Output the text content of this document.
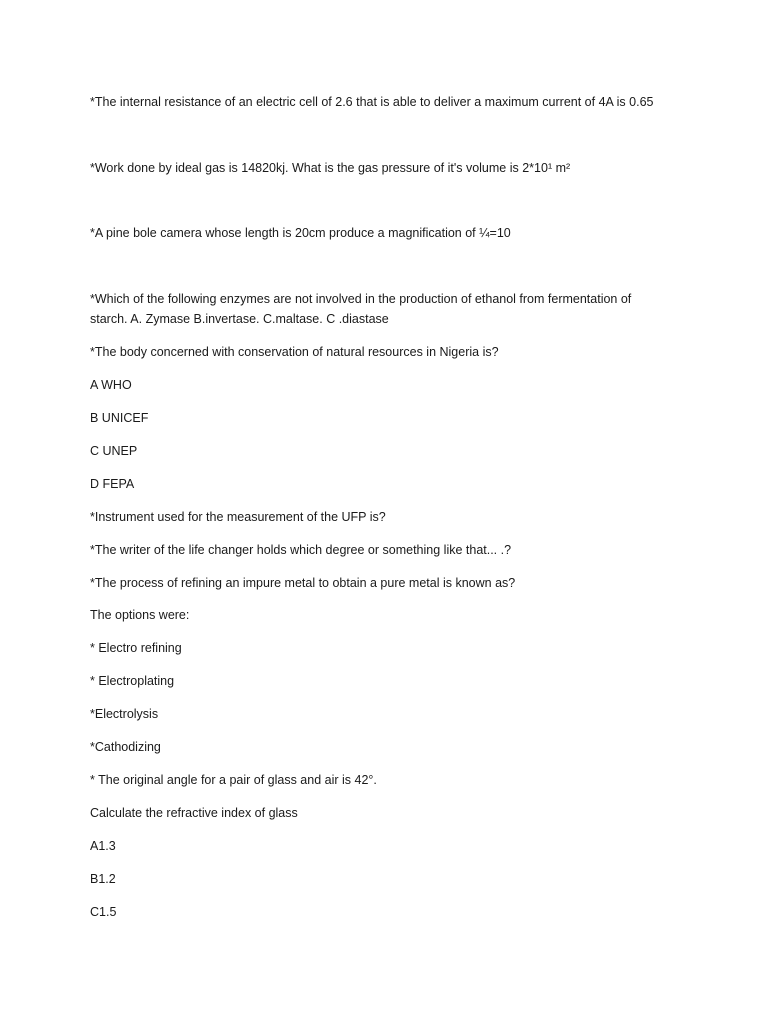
*The internal resistance of an electric cell of 2.6 that is able to deliver a maximum current of 4A is 0.65

*Work done by ideal gas is 14820kj. What is the gas pressure of it's volume is 2*10¹ m²

*A pine bole camera whose length is 20cm produce a magnification of ¼=10

*Which of the following enzymes are not involved in the production of ethanol from fermentation of starch. A. Zymase B.invertase. C.maltase. C .diastase

*The body concerned with conservation of natural resources in Nigeria is?

A WHO

B UNICEF

C UNEP

D FEPA

*Instrument used for the measurement of the UFP is?

*The writer of the life changer holds which degree or something like that... .?

*The process of refining an impure metal to obtain a pure metal is known as?

The options were:

* Electro refining

* Electroplating

*Electrolysis

*Cathodizing

* The original angle for a pair of glass and air is 42°.

Calculate the refractive index of glass

A1.3

B1.2

C1.5
